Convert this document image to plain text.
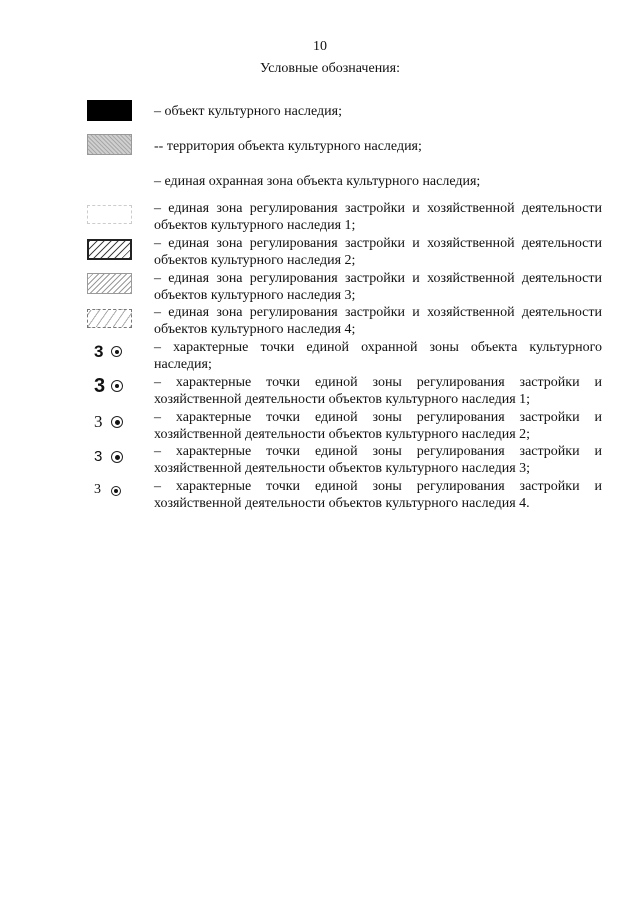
10
Условные обозначения:
– объект культурного наследия;
-- территория объекта культурного наследия;
– единая охранная зона объекта культурного наследия;
– единая зона регулирования застройки и хозяйственной деятельности объектов культурного наследия 1;
– единая зона регулирования застройки и хозяйственной деятельности объектов культурного наследия 2;
– единая зона регулирования застройки и хозяйственной деятельности объектов культурного наследия 3;
– единая зона регулирования застройки и хозяйственной деятельности объектов культурного наследия 4;
3	– характерные точки единой охранной зоны объекта культурного наследия;
3	– характерные точки единой зоны регулирования застройки и хозяйственной деятельности объектов культурного наследия 1;
3	– характерные точки единой зоны регулирования застройки и хозяйственной деятельности объектов культурного наследия 2;
3	– характерные точки единой зоны регулирования застройки и хозяйственной деятельности объектов культурного наследия 3;
3	– характерные точки единой зоны регулирования застройки и хозяйственной деятельности объектов культурного наследия 4.
